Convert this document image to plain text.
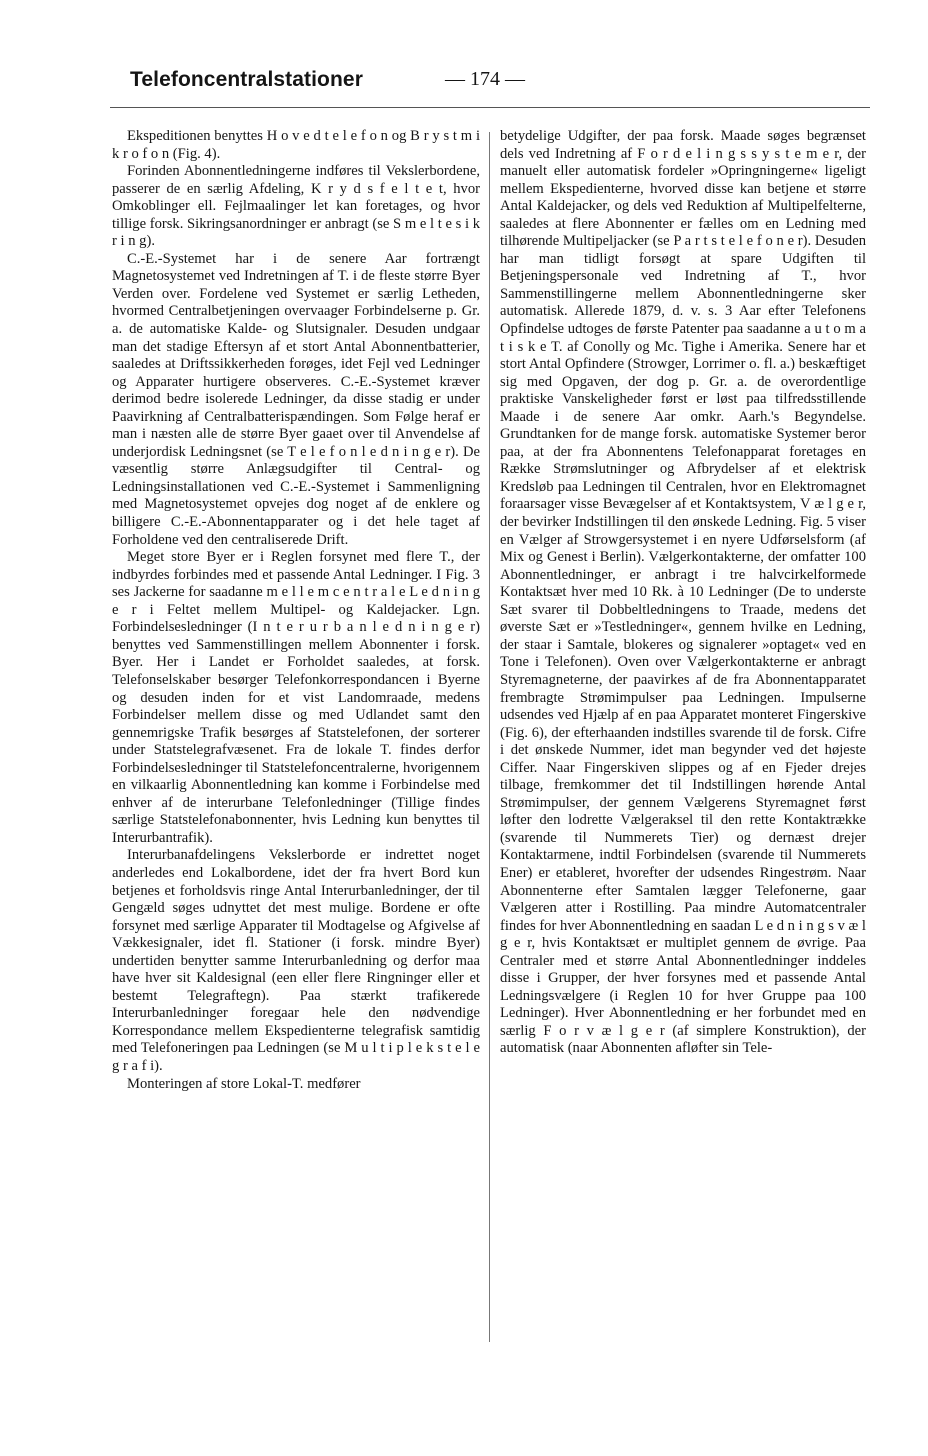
Telefoncentralstationer	— 174 —

Ekspeditionen benyttes H o v e d t e l e f o n og B r y s t m i k r o f o n (Fig. 4).

Forinden Abonnentledningerne indføres til Vekslerbordene, passerer de en særlig Afdeling, K r y d s f e l t e t, hvor Omkoblinger ell. Fejlmaalinger let kan foretages, og hvor tillige forsk. Sikringsanordninger er anbragt (se S m e l t e s i k r i n g).

C.-E.-Systemet har i de senere Aar fortrængt Magnetosystemet ved Indretningen af T. i de fleste større Byer Verden over. Fordelene ved Systemet er særlig Letheden, hvormed Centralbetjeningen overvaager Forbindelserne p. Gr. a. de automatiske Kalde- og Slutsignaler. Desuden undgaar man det stadige Eftersyn af et stort Antal Abonnentbatterier, saaledes at Driftssikkerheden forøges, idet Fejl ved Ledninger og Apparater hurtigere observeres. C.-E.-Systemet kræver derimod bedre isolerede Ledninger, da disse stadig er under Paavirkning af Centralbatterispændingen. Som Følge heraf er man i næsten alle de større Byer gaaet over til Anvendelse af underjordisk Ledningsnet (se T e l e f o n l e d n i n g e r). De væsentlig større Anlægsudgifter til Central- og Ledningsinstallationen ved C.-E.-Systemet i Sammenligning med Magnetosystemet opvejes dog noget af de enklere og billigere C.-E.-Abonnentapparater og i det hele taget af Forholdene ved den centraliserede Drift.

Meget store Byer er i Reglen forsynet med flere T., der indbyrdes forbindes med et passende Antal Ledninger. I Fig. 3 ses Jackerne for saadanne m e l l e m c e n t r a l e L e d n i n g e r i Feltet mellem Multipel- og Kaldejacker. Lgn. Forbindelsesledninger (I n t e r u r b a n l e d n i n g e r) benyttes ved Sammenstillingen mellem Abonnenter i forsk. Byer. Her i Landet er Forholdet saaledes, at forsk. Telefonselskaber besørger Telefonkorrespondancen i Byerne og desuden inden for et vist Landomraade, medens Forbindelser mellem disse og med Udlandet samt den gennemrigske Trafik besørges af Statstelefonen, der sorterer under Statstelegrafvæsenet. Fra de lokale T. findes derfor Forbindelsesledninger til Statstelefoncentralerne, hvorigennem en vilkaarlig Abonnentledning kan komme i Forbindelse med enhver af de interurbane Telefonledninger (Tillige findes særlige Statstelefonabonnenter, hvis Ledning kun benyttes til Interurbantrafik).

Interurbanafdelingens Vekslerborde er indrettet noget anderledes end Lokalbordene, idet der fra hvert Bord kun betjenes et forholdsvis ringe Antal Interurbanledninger, der til Gengæld søges udnyttet det mest mulige. Bordene er ofte forsynet med særlige Apparater til Modtagelse og Afgivelse af Vækkesignaler, idet fl. Stationer (i forsk. mindre Byer) undertiden benytter samme Interurbanledning og derfor maa have hver sit Kaldesignal (een eller flere Ringninger eller et bestemt Telegraftegn). Paa stærkt trafikerede Interurbanledninger foregaar hele den nødvendige Korrespondance mellem Ekspedienterne telegrafisk samtidig med Telefoneringen paa Ledningen (se M u l t i p l e k s t e l e g r a f i).

Monteringen af store Lokal-T. medfører

betydelige Udgifter, der paa forsk. Maade søges begrænset dels ved Indretning af F o r d e l i n g s s y s t e m e r, der manuelt eller automatisk fordeler »Opringningerne« ligeligt mellem Ekspedienterne, hvorved disse kan betjene et større Antal Kaldejacker, og dels ved Reduktion af Multipelfelterne, saaledes at flere Abonnenter er fælles om en Ledning med tilhørende Multipeljacker (se P a r t s t e l e f o n e r). Desuden har man tidligt forsøgt at spare Udgiften til Betjeningspersonale ved Indretning af T., hvor Sammenstillingerne mellem Abonnentledningerne sker automatisk. Allerede 1879, d. v. s. 3 Aar efter Telefonens Opfindelse udtoges de første Patenter paa saadanne a u t o m a t i s k e T. af Conolly og Mc. Tighe i Amerika. Senere har et stort Antal Opfindere (Strowger, Lorrimer o. fl. a.) beskæftiget sig med Opgaven, der dog p. Gr. a. de overordentlige praktiske Vanskeligheder først er løst paa tilfredsstillende Maade i de senere Aar omkr. Aarh.'s Begyndelse. Grundtanken for de mange forsk. automatiske Systemer beror paa, at der fra Abonnentens Telefonapparat foretages en Række Strømslutninger og Afbrydelser af et elektrisk Kredsløb paa Ledningen til Centralen, hvor en Elektromagnet foraarsager visse Bevægelser af et Kontaktsystem, V æ l g e r, der bevirker Indstillingen til den ønskede Ledning. Fig. 5 viser en Vælger af Strowgersystemet i en nyere Udførselsform (af Mix og Genest i Berlin). Vælgerkontakterne, der omfatter 100 Abonnentledninger, er anbragt i tre halvcirkelformede Kontaktsæt hver med 10 Rk. à 10 Ledninger (De to underste Sæt svarer til Dobbeltledningens to Traade, medens det øverste Sæt er »Testledninger«, gennem hvilke en Ledning, der staar i Samtale, blokeres og signalerer »optaget« ved en Tone i Telefonen). Oven over Vælgerkontakterne er anbragt Styremagneterne, der paavirkes af de fra Abonnentapparatet frembragte Strømimpulser paa Ledningen. Impulserne udsendes ved Hjælp af en paa Apparatet monteret Fingerskive (Fig. 6), der efterhaanden indstilles svarende til de forsk. Cifre i det ønskede Nummer, idet man begynder ved det højeste Ciffer. Naar Fingerskiven slippes og af en Fjeder drejes tilbage, fremkommer det til Indstillingen hørende Antal Strømimpulser, der gennem Vælgerens Styremagnet først løfter den lodrette Vælgeraksel til den rette Kontaktrække (svarende til Nummerets Tier) og dernæst drejer Kontaktarmene, indtil Forbindelsen (svarende til Nummerets Ener) er etableret, hvorefter der udsendes Ringestrøm. Naar Abonnenterne efter Samtalen lægger Telefonerne, gaar Vælgeren atter i Rostilling. Paa mindre Automatcentraler findes for hver Abonnentledning en saadan L e d n i n g s v æ l g e r, hvis Kontaktsæt er multiplet gennem de øvrige. Paa Centraler med et større Antal Abonnentledninger inddeles disse i Grupper, der hver forsynes med et passende Antal Ledningsvælgere (i Reglen 10 for hver Gruppe paa 100 Ledninger). Hver Abonnentledning er her forbundet med en særlig F o r v æ l g e r (af simplere Konstruktion), der automatisk (naar Abonnenten afløfter sin Tele-
